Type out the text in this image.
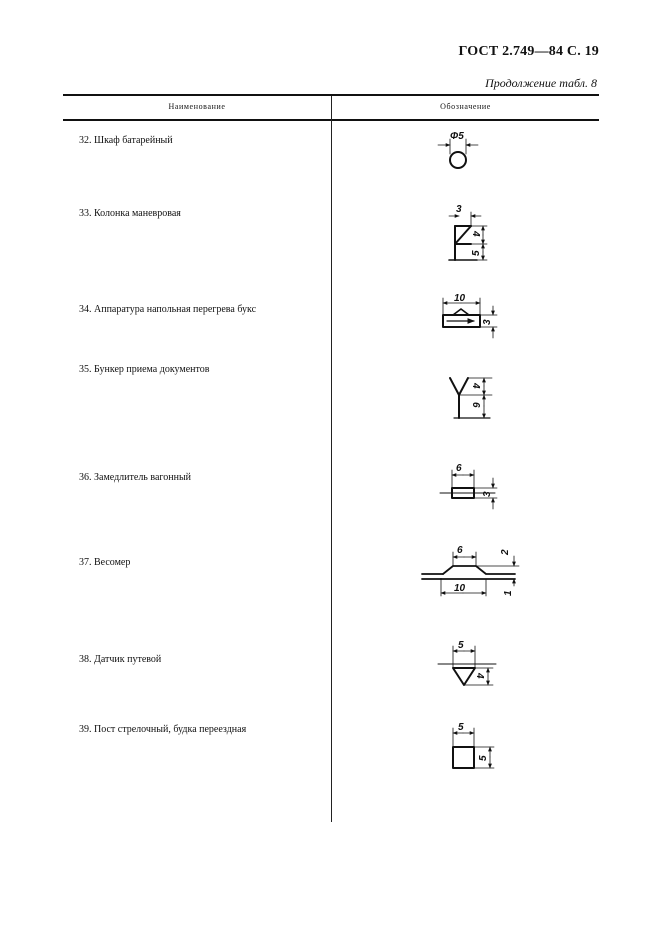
ГОСТ 2.749—84 С. 19
Продолжение табл. 8
Наименование	Обозначение
32. Шкаф батарейный
33. Колонка маневровая
34. Аппаратура напольная перегрева букс
35. Бункер приема документов
36. Замедлитель вагонный
37. Весомер
38. Датчик путевой
39. Пост стрелочный, будка переездная
Φ5
3
4
5
10
3
4
6
6
3
6
10
2
1
5
4
5
5
